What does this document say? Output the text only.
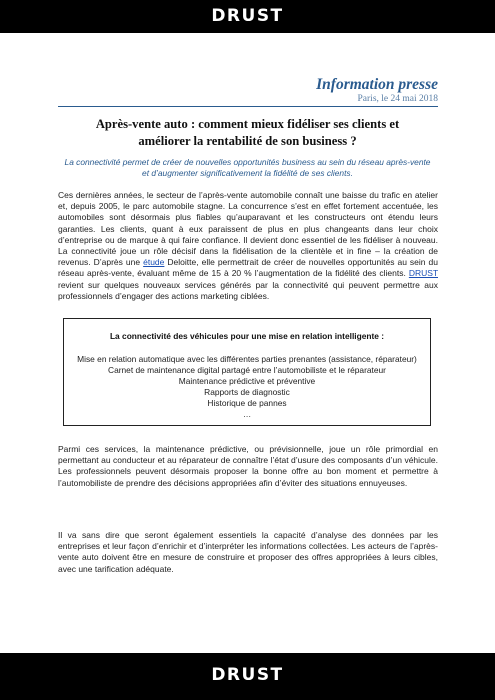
DRUST
Information presse
Paris, le 24 mai 2018
Après-vente auto : comment mieux fidéliser ses clients et
améliorer la rentabilité de son business ?
La connectivité permet de créer de nouvelles opportunités business au sein du réseau après-vente et d’augmenter significativement la fidélité de ses clients.
Ces dernières années, le secteur de l’après-vente automobile connaît une baisse du trafic en atelier et, depuis 2005, le parc automobile stagne. La concurrence s’est en effet fortement accentuée, les automobiles sont désormais plus fiables qu’auparavant et les constructeurs ont étendu leurs garanties. Les clients, quant à eux paraissent de plus en plus changeants dans leur choix d’entreprise ou de marque à qui faire confiance. Il devient donc essentiel de les fidéliser à nouveau. La connectivité joue un rôle décisif dans la fidélisation de la clientèle et in fine – la création de revenus. D’après une étude Deloitte, elle permettrait de créer de nouvelles opportunités au sein du réseau après-vente, évaluant même de 15 à 20 % l’augmentation de la fidélité des clients. DRUST revient sur quelques nouveaux services générés par la connectivité qui peuvent permettre aux professionnels d’engager des actions marketing ciblées.
La connectivité des véhicules pour une mise en relation intelligente :
Mise en relation automatique avec les différentes parties prenantes (assistance, réparateur)
Carnet de maintenance digital partagé entre l’automobiliste et le réparateur
Maintenance prédictive et préventive
Rapports de diagnostic
Historique de pannes
…
Parmi ces services, la maintenance prédictive, ou prévisionnelle, joue un rôle primordial en permettant au conducteur et au réparateur de connaître l’état d’usure des composants d’un véhicule. Les professionnels peuvent désormais proposer la bonne offre au bon moment et permettre à l’automobiliste de prendre des décisions appropriées afin d’éviter des situations ennuyeuses.
Il va sans dire que seront également essentiels la capacité d’analyse des données par les entreprises et leur façon d’enrichir et d’interpréter les informations collectées. Les acteurs de l’après-vente auto doivent être en mesure de construire et proposer des offres appropriées à leurs cibles, avec une tarification adéquate.
DRUST
